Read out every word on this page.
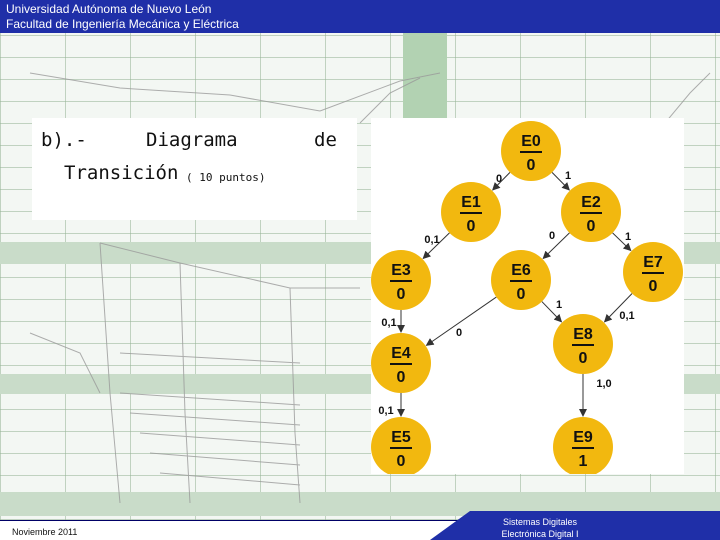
Universidad Autónoma de Nuevo León
Facultad de Ingeniería Mecánica y Eléctrica
b).-	Diagrama	de
Transición ( 10 puntos)	0	1
0,1	0	1
0,1
0
1
0,1
0,1
1,0
E0
0
E1
0
E2
0
E3
0
E6
0
E7
0
E4
0
E8
0
E5
0
E9
1
Noviembre 2011
Sistemas Digitales
Electrónica Digital I
